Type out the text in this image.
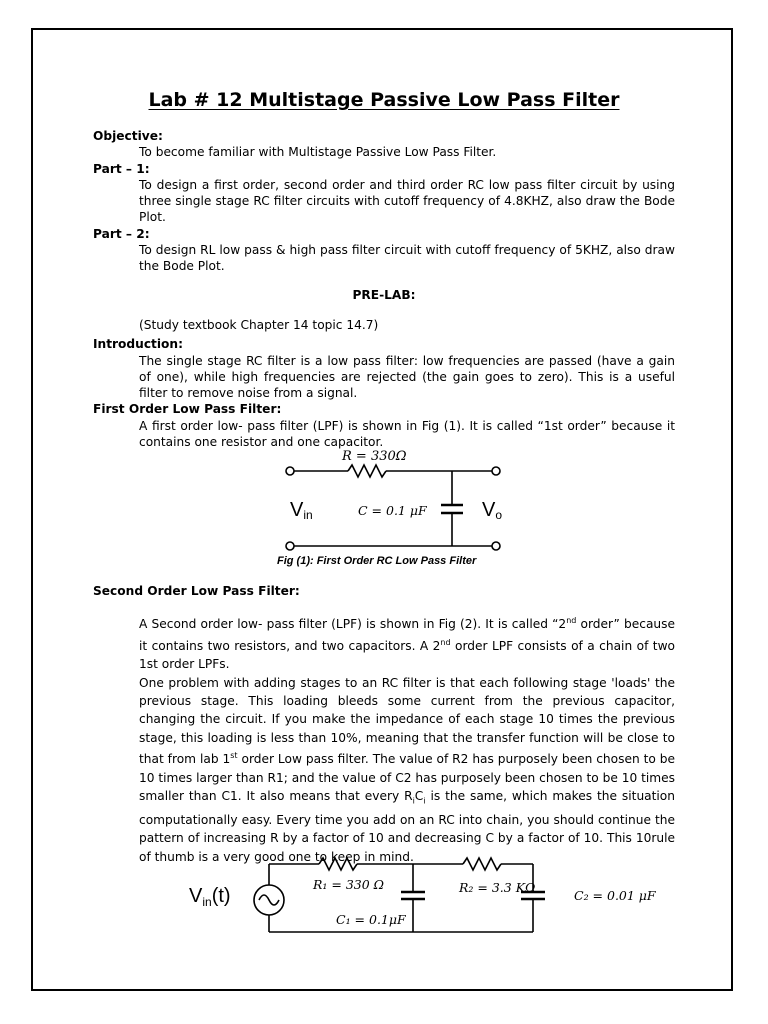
Lab # 12 Multistage Passive Low Pass Filter

Objective:

To become familiar with Multistage Passive Low Pass Filter.

Part – 1:

To design a first order, second order and third order RC low pass filter circuit by using three single stage RC filter circuits with cutoff frequency of 4.8KHZ, also draw the Bode Plot.

Part – 2:

To design RL low pass & high pass filter circuit with cutoff frequency of 5KHZ, also draw the Bode Plot.

PRE-LAB:

(Study textbook Chapter 14 topic 14.7)

Introduction:

The single stage RC filter is a low pass filter: low frequencies are passed (have a gain of one), while high frequencies are rejected (the gain goes to zero). This is a useful filter to remove noise from a signal.

First Order Low Pass Filter:

A first order low- pass filter (LPF) is shown in Fig (1). It is called “1st order” because it contains one resistor and one capacitor.

R = 330Ω
C = 0.1 μF
Vin	Vo
Fig (1): First Order RC Low Pass Filter

Second Order Low Pass Filter:

A Second order low- pass filter (LPF) is shown in Fig (2). It is called “2nd order” because it contains two resistors, and two capacitors. A 2nd order LPF consists of a chain of two 1st order LPFs.

One problem with adding stages to an RC filter is that each following stage 'loads' the previous stage. This loading bleeds some current from the previous capacitor, changing the circuit. If you make the impedance of each stage 10 times the previous stage, this loading is less than 10%, meaning that the transfer function will be close to that from lab 1st order Low pass filter. The value of R2 has purposely been chosen to be 10 times larger than R1; and the value of C2 has purposely been chosen to be 10 times smaller than C1. It also means that every $R_iC_i$ is the same, which makes the situation computationally easy. Every time you add on an RC into chain, you should continue the pattern of increasing R by a factor of 10 and decreasing C by a factor of 10. This 10rule of thumb is a very good one to keep in mind.

$V_{in}(t)$
R₁ = 330 Ω
C₁ = 0.1μF
R₂ = 3.3 KΩ
C₂ = 0.01 μF
